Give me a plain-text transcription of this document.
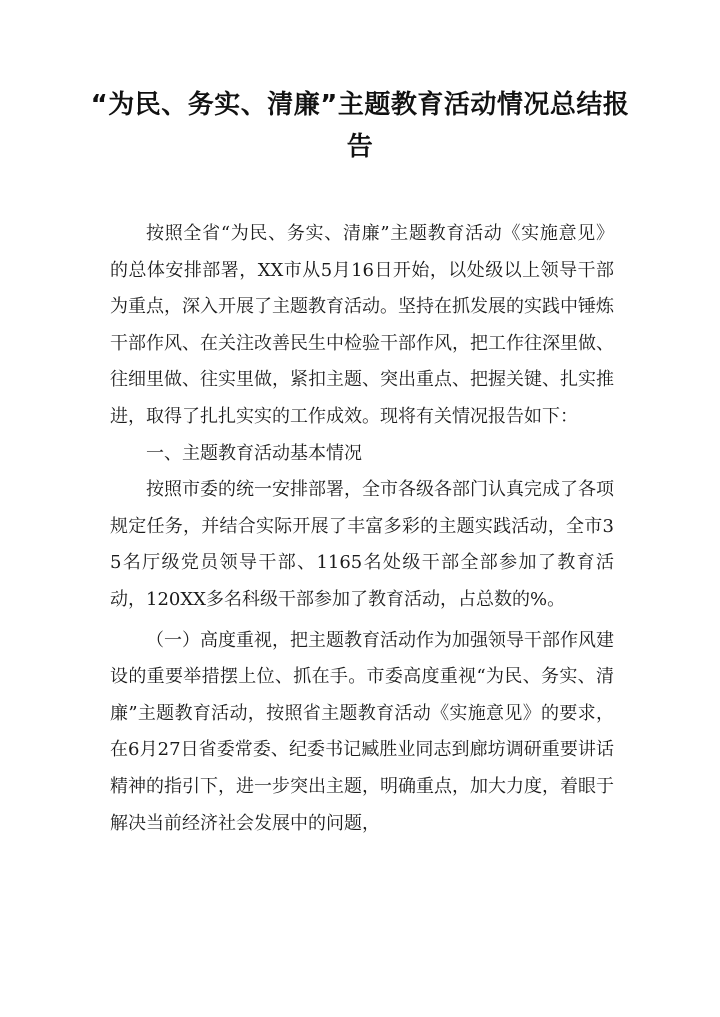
“为民、务实、清廉”主题教育活动情况总结报告

按照全省“为民、务实、清廉”主题教育活动《实施意见》的总体安排部署，XX市从5月16日开始，以处级以上领导干部为重点，深入开展了主题教育活动。坚持在抓发展的实践中锤炼干部作风、在关注改善民生中检验干部作风，把工作往深里做、往细里做、往实里做，紧扣主题、突出重点、把握关键、扎实推进，取得了扎扎实实的工作成效。现将有关情况报告如下：

一、主题教育活动基本情况

按照市委的统一安排部署，全市各级各部门认真完成了各项规定任务，并结合实际开展了丰富多彩的主题实践活动，全市35名厅级党员领导干部、1165名处级干部全部参加了教育活动，120XX多名科级干部参加了教育活动，占总数的%。

（一）高度重视，把主题教育活动作为加强领导干部作风建设的重要举措摆上位、抓在手。市委高度重视“为民、务实、清廉”主题教育活动，按照省主题教育活动《实施意见》的要求， 在6月27日省委常委、纪委书记臧胜业同志到廊坊调研重要讲话精神的指引下，进一步突出主题，明确重点，加大力度，着眼于解决当前经济社会发展中的问题，
